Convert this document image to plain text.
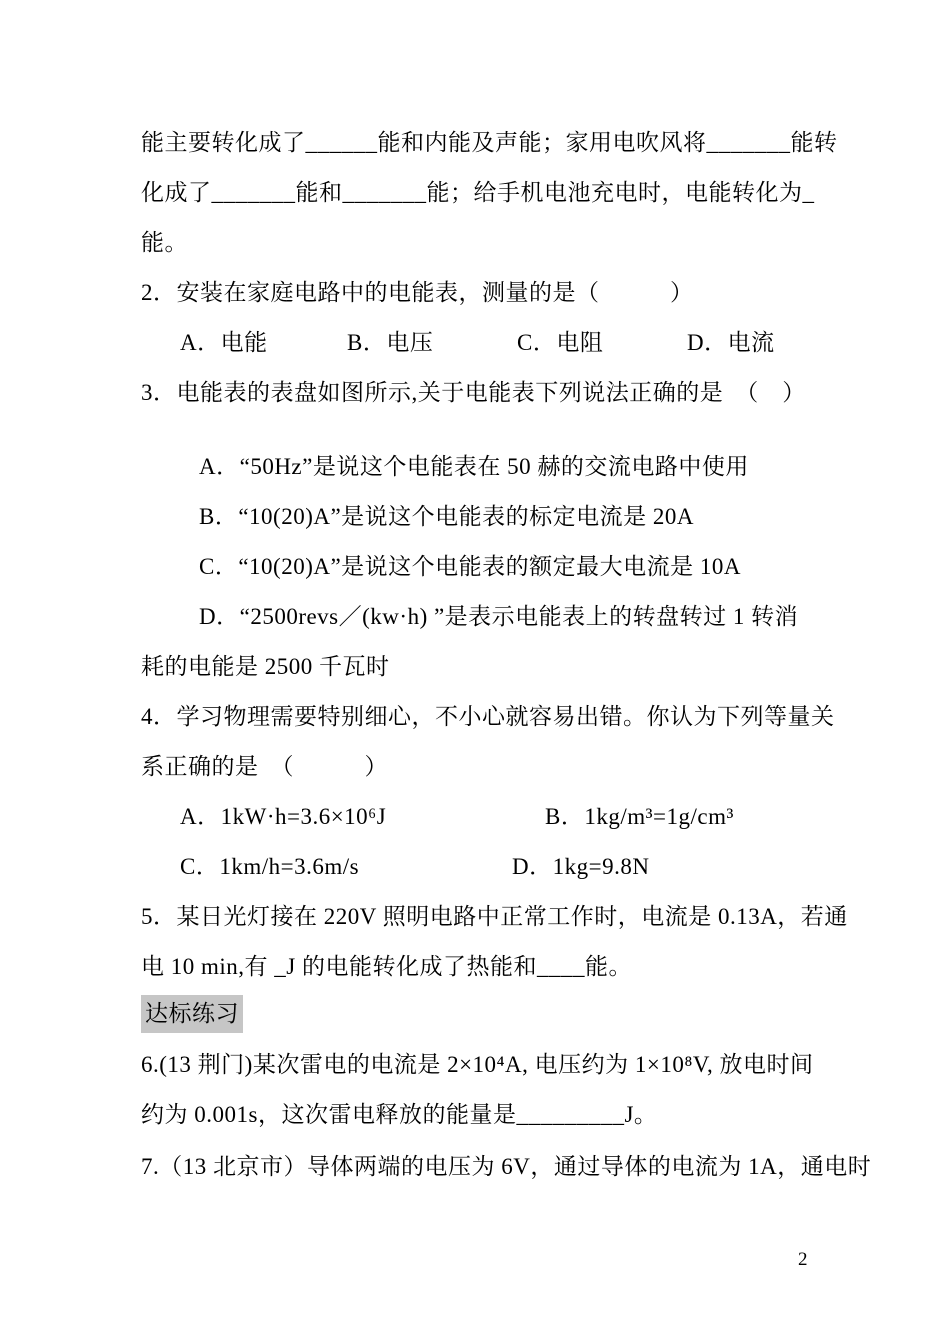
2
能主要转化成了______能和内能及声能；家用电吹风将_______能转
化成了_______能和_______能；给手机电池充电时，电能转化为_
能。
2．安装在家庭电路中的电能表，测量的是（　　　）
A．电能	B．电压	C．电阻	D．电流
3．电能表的表盘如图所示,关于电能表下列说法正确的是　（　）
A．“50Hz”是说这个电能表在 50 赫的交流电路中使用
B．“10(20)A”是说这个电能表的标定电流是 20A
C．“10(20)A”是说这个电能表的额定最大电流是 10A
D．“2500revs／(kw·h) ”是表示电能表上的转盘转过 1 转消
耗的电能是 2500 千瓦时
4．学习物理需要特别细心，不小心就容易出错。你认为下列等量关
系正确的是　（　　　）
A．1kW·h=3.6×10⁶J	B．1kg/m³=1g/cm³
C．1km/h=3.6m/s	D．1kg=9.8N
5．某日光灯接在 220V 照明电路中正常工作时，电流是 0.13A，若通
电 10 min,有 _J 的电能转化成了热能和____能。
达标练习
6.(13 荆门)某次雷电的电流是 2×10⁴A, 电压约为 1×10⁸V, 放电时间
约为 0.001s，这次雷电释放的能量是_________J。
7.（13 北京市）导体两端的电压为 6V，通过导体的电流为 1A，通电时
